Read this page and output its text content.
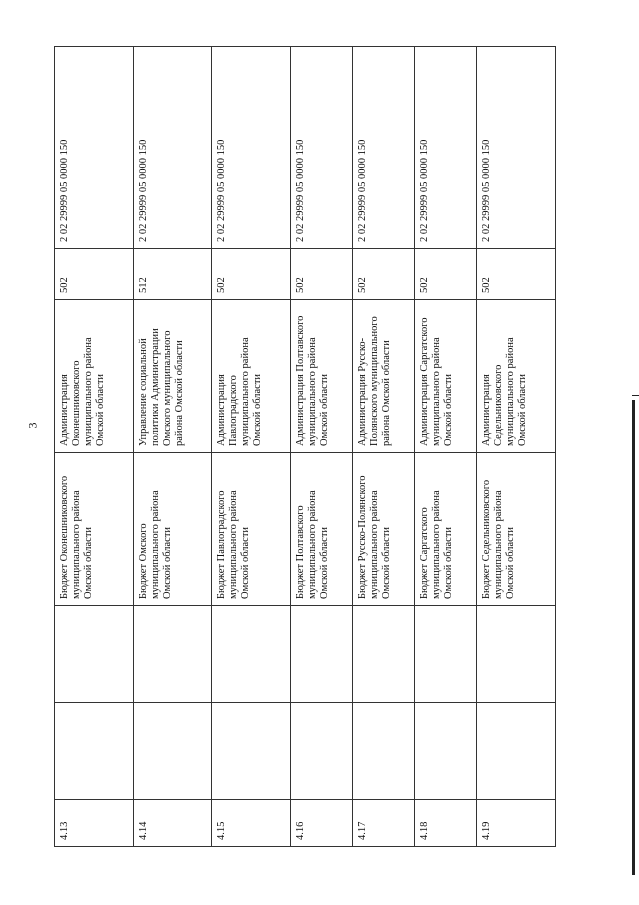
3
4.13			Бюджет Оконешниковского муниципального района Омской области	Администрация Оконешниковского муниципального района Омской области	502	2 02 29999 05 0000 150
4.14			Бюджет Омского муниципального района Омской области	Управление социальной политики Администрации Омского муниципального района Омской области	512	2 02 29999 05 0000 150
4.15			Бюджет Павлоградского муниципального района Омской области	Администрация Павлоградского муниципального района Омской области	502	2 02 29999 05 0000 150
4.16			Бюджет Полтавского муниципального района Омской области	Администрация Полтавского муниципального района Омской области	502	2 02 29999 05 0000 150
4.17			Бюджет Русско-Полянского муниципального района Омской области	Администрация Русско-Полянского муниципального района Омской области	502	2 02 29999 05 0000 150
4.18			Бюджет Саргатского муниципального района Омской области	Администрация Саргатского муниципального района Омской области	502	2 02 29999 05 0000 150
4.19			Бюджет Седельниковского муниципального района Омской области	Администрация Седельниковского муниципального района Омской области	502	2 02 29999 05 0000 150
